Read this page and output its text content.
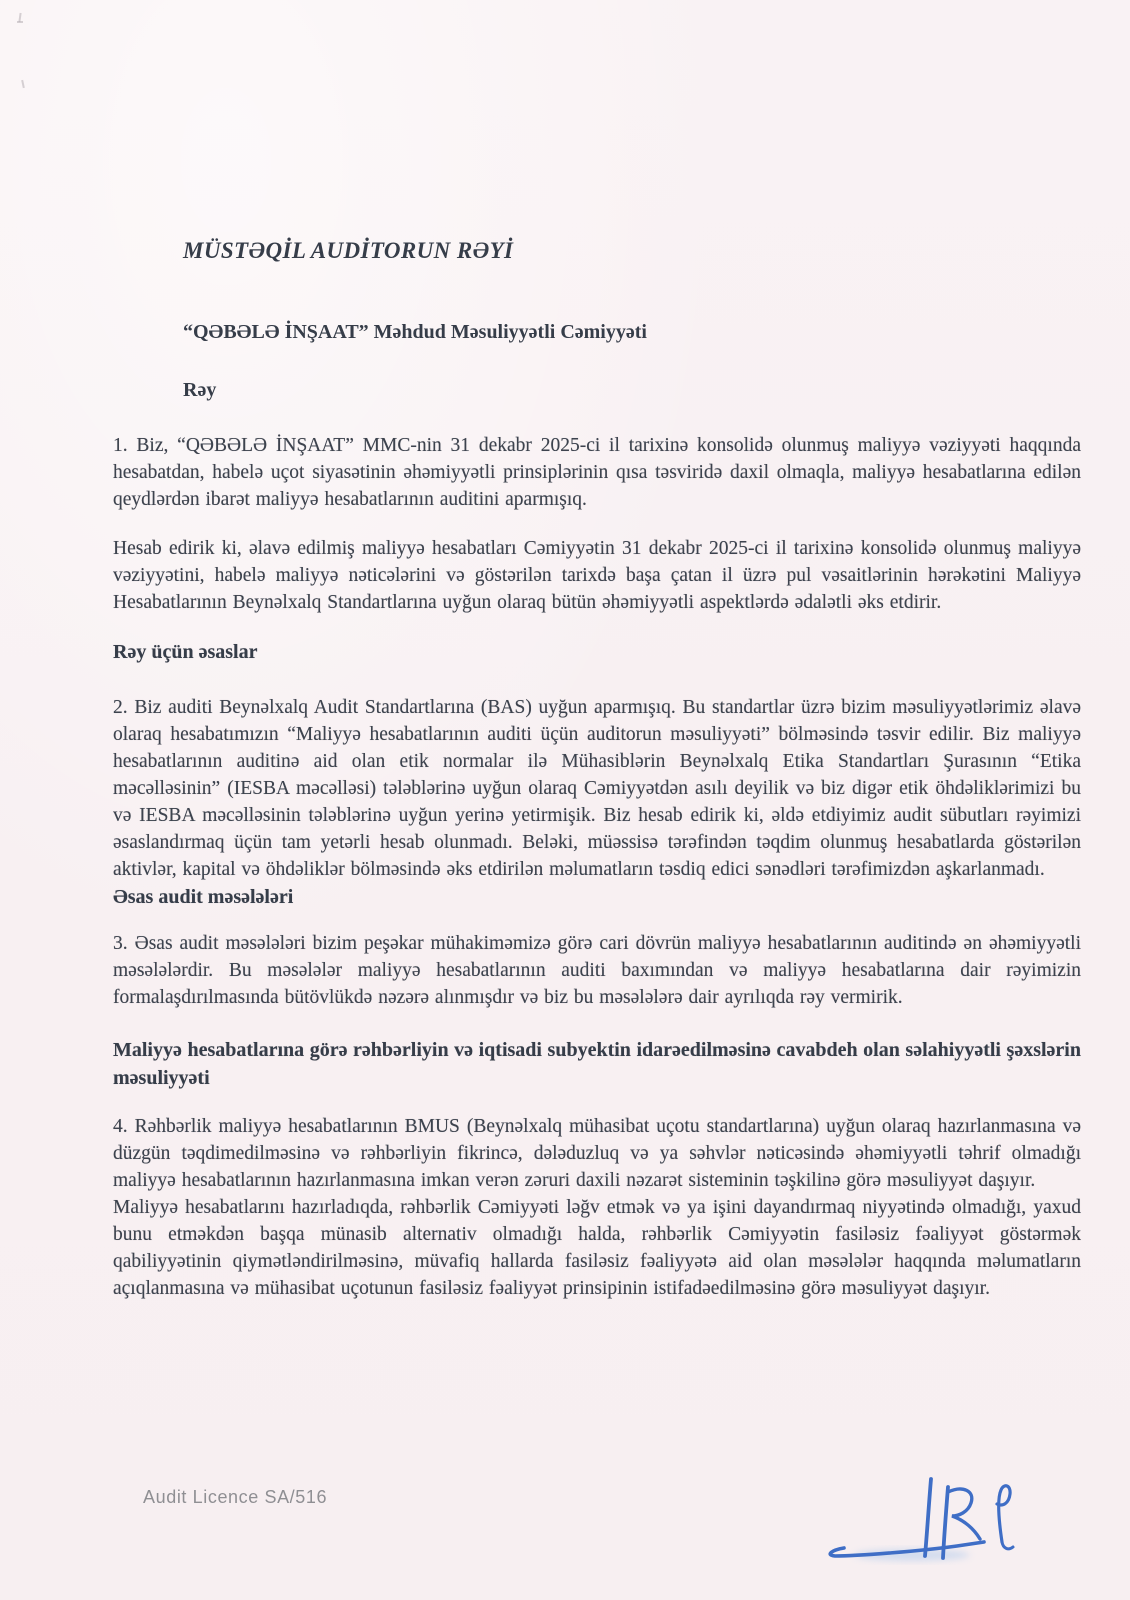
MÜSTƏQİL AUDİTORUN RƏYİ
“QƏBƏLƏ İNŞAAT” Məhdud Məsuliyyətli Cəmiyyəti
Rəy

1. Biz, “QƏBƏLƏ İNŞAAT” MMC-nin 31 dekabr 2025-ci il tarixinə konsolidə olunmuş maliyyə vəziyyəti haqqında hesabatdan, habelə uçot siyasətinin əhəmiyyətli prinsiplərinin qısa təsviridə daxil olmaqla, maliyyə hesabatlarına edilən qeydlərdən ibarət maliyyə hesabatlarının auditini aparmışıq.

Hesab edirik ki, əlavə edilmiş maliyyə hesabatları Cəmiyyətin 31 dekabr 2025-ci il tarixinə konsolidə olunmuş maliyyə vəziyyətini, habelə maliyyə nəticələrini və göstərilən tarixdə başa çatan il üzrə pul vəsaitlərinin hərəkətini Maliyyə Hesabatlarının Beynəlxalq Standartlarına uyğun olaraq bütün əhəmiyyətli aspektlərdə ədalətli əks etdirir.

Rəy üçün əsaslar

2. Biz auditi Beynəlxalq Audit Standartlarına (BAS) uyğun aparmışıq. Bu standartlar üzrə bizim məsuliyyətlərimiz əlavə olaraq hesabatımızın “Maliyyə hesabatlarının auditi üçün auditorun məsuliyyəti” bölməsində təsvir edilir. Biz maliyyə hesabatlarının auditinə aid olan etik normalar ilə Mühasiblərin Beynəlxalq Etika Standartları Şurasının “Etika məcəlləsinin” (IESBA məcəlləsi) tələblərinə uyğun olaraq Cəmiyyətdən asılı deyilik və biz digər etik öhdəliklərimizi bu və IESBA məcəlləsinin tələblərinə uyğun yerinə yetirmişik. Biz hesab edirik ki, əldə etdiyimiz audit sübutları rəyimizi əsaslandırmaq üçün tam yetərli hesab olunmadı. Beləki, müəssisə tərəfindən təqdim olunmuş hesabatlarda göstərilən aktivlər, kapital və öhdəliklər bölməsində əks etdirilən məlumatların təsdiq edici sənədləri tərəfimizdən aşkarlanmadı.

Əsas audit məsələləri

3. Əsas audit məsələləri bizim peşəkar mühakiməmizə görə cari dövrün maliyyə hesabatlarının auditində ən əhəmiyyətli məsələlərdir. Bu məsələlər maliyyə hesabatlarının auditi baxımından və maliyyə hesabatlarına dair rəyimizin formalaşdırılmasında bütövlükdə nəzərə alınmışdır və biz bu məsələlərə dair ayrılıqda rəy vermirik.

Maliyyə hesabatlarına görə rəhbərliyin və iqtisadi subyektin idarəedilməsinə cavabdeh olan səlahiyyətli şəxslərin məsuliyyəti

4. Rəhbərlik maliyyə hesabatlarının BMUS (Beynəlxalq mühasibat uçotu standartlarına) uyğun olaraq hazırlanmasına və düzgün təqdimedilməsinə və rəhbərliyin fikrincə, dələduzluq və ya səhvlər nəticəsində əhəmiyyətli təhrif olmadığı maliyyə hesabatlarının hazırlanmasına imkan verən zəruri daxili nəzarət sisteminin təşkilinə görə məsuliyyət daşıyır.

Maliyyə hesabatlarını hazırladıqda, rəhbərlik Cəmiyyəti ləğv etmək və ya işini dayandırmaq niyyətində olmadığı, yaxud bunu etməkdən başqa münasib alternativ olmadığı halda, rəhbərlik Cəmiyyətin fasiləsiz fəaliyyət göstərmək qabiliyyətinin qiymətləndirilməsinə, müvafiq hallarda fasiləsiz fəaliyyətə aid olan məsələlər haqqında məlumatların açıqlanmasına və mühasibat uçotunun fasiləsiz fəaliyyət prinsipinin istifadəedilməsinə görə məsuliyyət daşıyır.

Audit Licence SA/516
